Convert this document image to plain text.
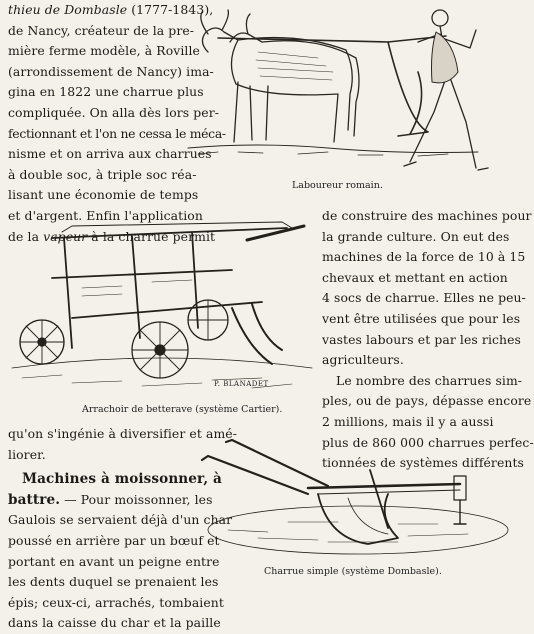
thieu de Dombasle (1777-1843),
de Nancy, créateur de la pre-
mière ferme modèle, à Roville
(arrondissement de Nancy) ima-
gina en 1822 une charrue plus
compliquée. On alla dès lors per-
fectionnant et l'on ne cessa le méca-
nisme et on arriva aux charrues
à double soc, à triple soc réa-
lisant une économie de temps
et d'argent. Enfin l'application
de la vapeur à la charrue permit
Laboureur romain.
P. BLANADET
Arrachoir de betterave (système Cartier).
de construire des machines pour
la grande culture. On eut des
machines de la force de 10 à 15
chevaux et mettant en action
4 socs de charrue. Elles ne peu-
vent être utilisées que pour les
vastes labours et par les riches
agriculteurs.
Le nombre des charrues sim-
ples, ou de pays, dépasse encore
2 millions, mais il y a aussi
plus de 860 000 charrues perfec-
tionnées de systèmes différents
qu'on s'ingénie à diversifier et amé-
liorer.
Machines à moissonner, à
battre. — Pour moissonner, les
Gaulois se servaient déjà d'un char
poussé en arrière par un bœuf et
portant en avant un peigne entre
les dents duquel se prenaient les
épis; ceux-ci, arrachés, tombaient
dans la caisse du char et la paille
Charrue simple (système Dombasle).
